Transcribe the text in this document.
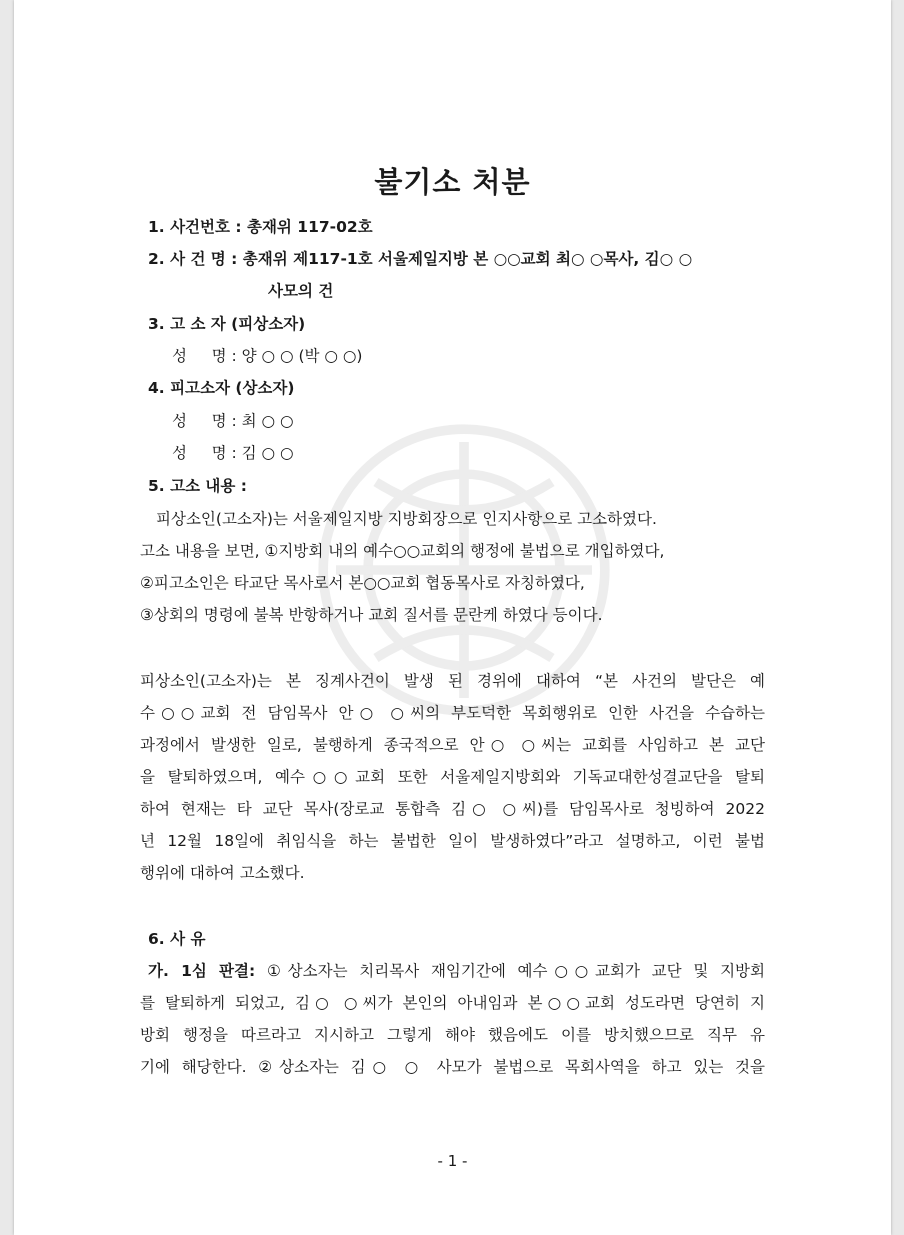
불기소 처분
1. 사건번호 : 총재위 117-02호
2. 사 건 명 : 총재위 제117-1호 서울제일지방 본 ○○교회 최○ ○목사, 김○ ○
사모의 건
3. 고 소 자 (피상소자)
성     명 : 양 ○ ○ (박 ○ ○)
4. 피고소자 (상소자)
성     명 : 최 ○ ○
성     명 : 김 ○ ○
5. 고소 내용 :
피상소인(고소자)는 서울제일지방 지방회장으로 인지사항으로 고소하였다.
고소 내용을 보면, ①지방회 내의 예수○○교회의 행정에 불법으로 개입하였다,
②피고소인은 타교단 목사로서 본○○교회 협동목사로 자칭하였다,
③상회의 명령에 불복 반항하거나 교회 질서를 문란케 하였다 등이다.
피상소인(고소자)는 본 징계사건이 발생 된 경위에 대하여 “본 사건의 발단은 예
수○○교회 전 담임목사 안○ ○씨의 부도덕한 목회행위로 인한 사건을 수습하는
과정에서 발생한 일로, 불행하게 종국적으로 안○ ○씨는 교회를 사임하고 본 교단
을 탈퇴하였으며, 예수○○교회 또한 서울제일지방회와 기독교대한성결교단을 탈퇴
하여 현재는 타 교단 목사(장로교 통합측 김○ ○씨)를 담임목사로 청빙하여 2022
년 12월 18일에 취임식을 하는 불법한 일이 발생하였다”라고 설명하고, 이런 불법
행위에 대하여 고소했다.
6. 사 유
가. 1심 판결: ①상소자는 치리목사 재임기간에 예수○○교회가 교단 및 지방회
를 탈퇴하게 되었고, 김○ ○씨가 본인의 아내임과 본○○교회 성도라면 당연히 지
방회 행정을 따르라고 지시하고 그렇게 해야 했음에도 이를 방치했으므로 직무 유
기에 해당한다. ②상소자는 김○ ○ 사모가 불법으로 목회사역을 하고 있는 것을
- 1 -
